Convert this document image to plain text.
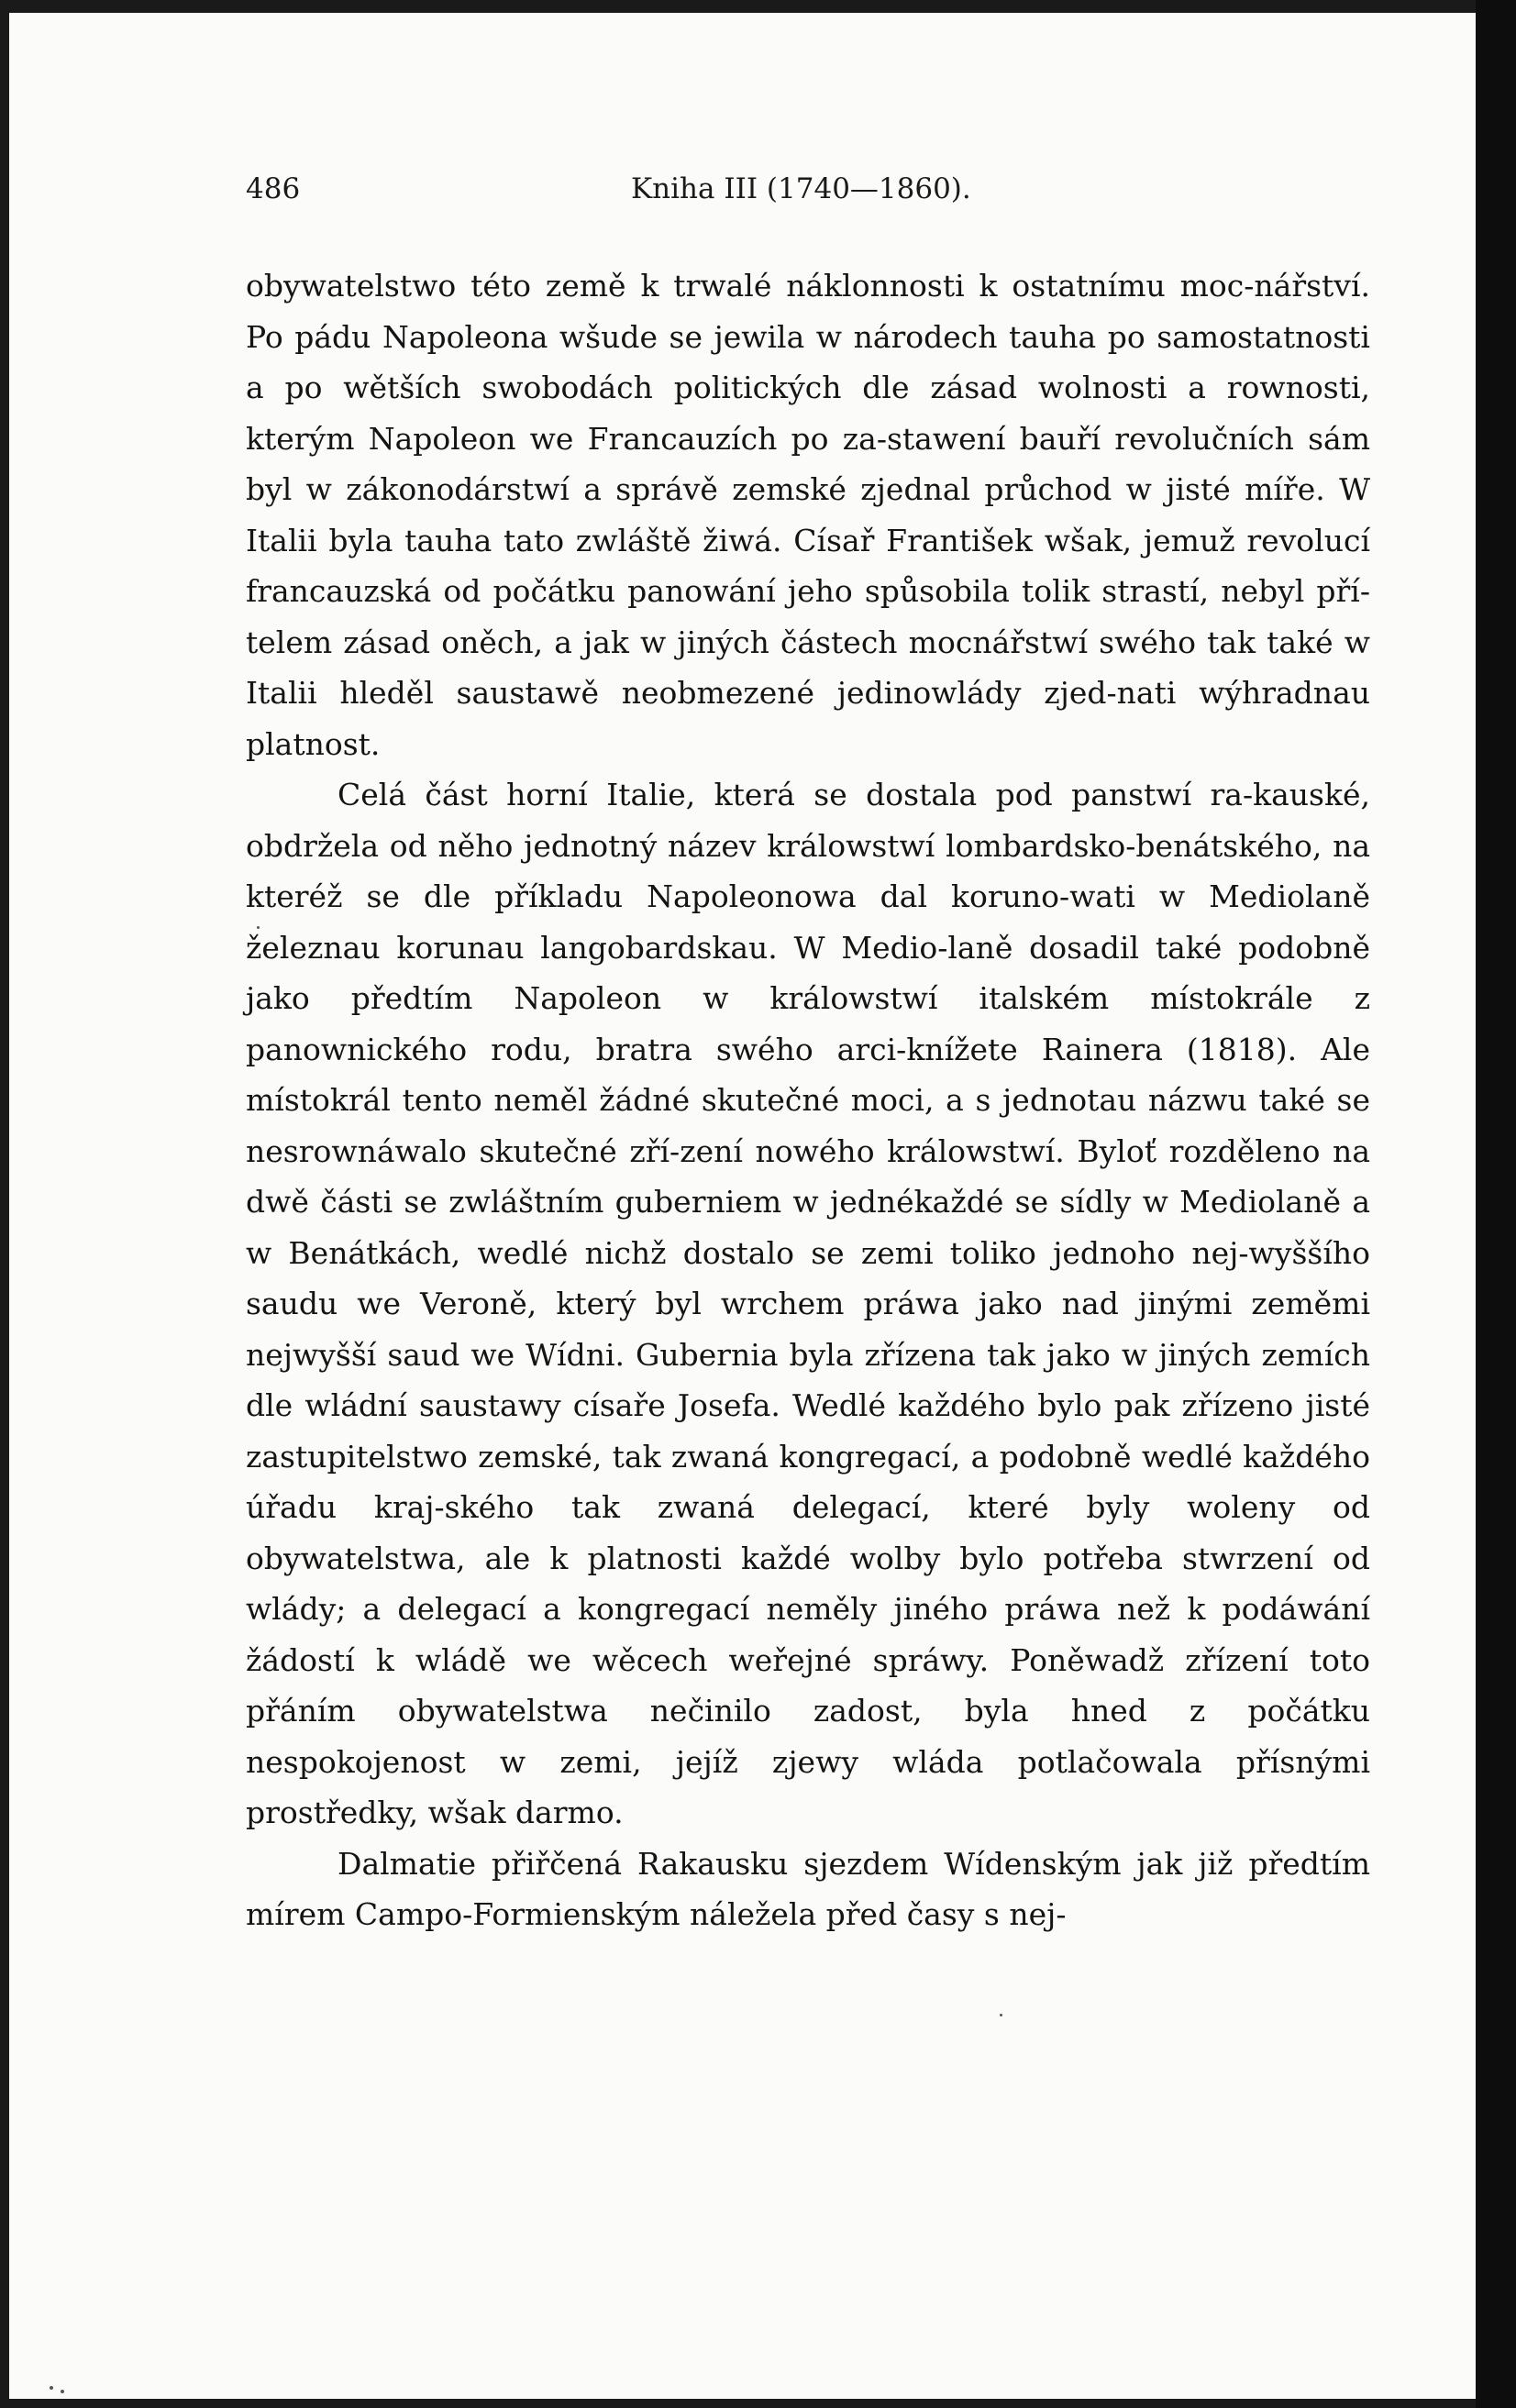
486	Kniha III (1740—1860).

obywatelstwo této země k trwalé náklonnosti k ostatnímu moc-nářství. Po pádu Napoleona wšude se jewila w národech tauha po samostatnosti a po wětších swobodách politických dle zásad wolnosti a rownosti, kterým Napoleon we Francauzích po za-stawení bauří revolučních sám byl w zákonodárstwí a správě zemské zjednal průchod w jisté míře. W Italii byla tauha tato zwláště žiwá. Císař František wšak, jemuž revolucí francauzská od počátku panowání jeho spůsobila tolik strastí, nebyl pří-telem zásad oněch, a jak w jiných částech mocnářstwí swého tak také w Italii hleděl saustawě neobmezené jedinowlády zjed-nati wýhradnau platnost.

Celá část horní Italie, která se dostala pod panstwí ra-kauské, obdržela od něho jednotný název králowstwí lombardsko-benátského, na kteréž se dle příkladu Napoleonowa dal koruno-wati w Mediolaně železnau korunau langobardskau. W Medio-laně dosadil také podobně jako předtím Napoleon w králowstwí italském místokrále z panownického rodu, bratra swého arci-knížete Rainera (1818). Ale místokrál tento neměl žádné skutečné moci, a s jednotau názwu také se nesrownáwalo skutečné zří-zení nowého králowstwí. Byloť rozděleno na dwě části se zwláštním guberniem w jednékaždé se sídly w Mediolaně a w Benátkách, wedlé nichž dostalo se zemi toliko jednoho nej-wyššího saudu we Veroně, který byl wrchem práwa jako nad jinými zeměmi nejwyšší saud we Wídni. Gubernia byla zřízena tak jako w jiných zemích dle wládní saustawy císaře Josefa. Wedlé každého bylo pak zřízeno jisté zastupitelstwo zemské, tak zwaná kongregací, a podobně wedlé každého úřadu kraj-ského tak zwaná delegací, které byly woleny od obywatelstwa, ale k platnosti každé wolby bylo potřeba stwrzení od wlády; a delegací a kongregací neměly jiného práwa než k podáwání žádostí k wládě we wěcech weřejné spráwy. Poněwadž zřízení toto přáním obywatelstwa nečinilo zadost, byla hned z počátku nespokojenost w zemi, jejíž zjewy wláda potlačowala přísnými prostředky, wšak darmo.

Dalmatie přiřčená Rakausku sjezdem Wídenským jak již předtím mírem Campo-Formienským náležela před časy s nej-
